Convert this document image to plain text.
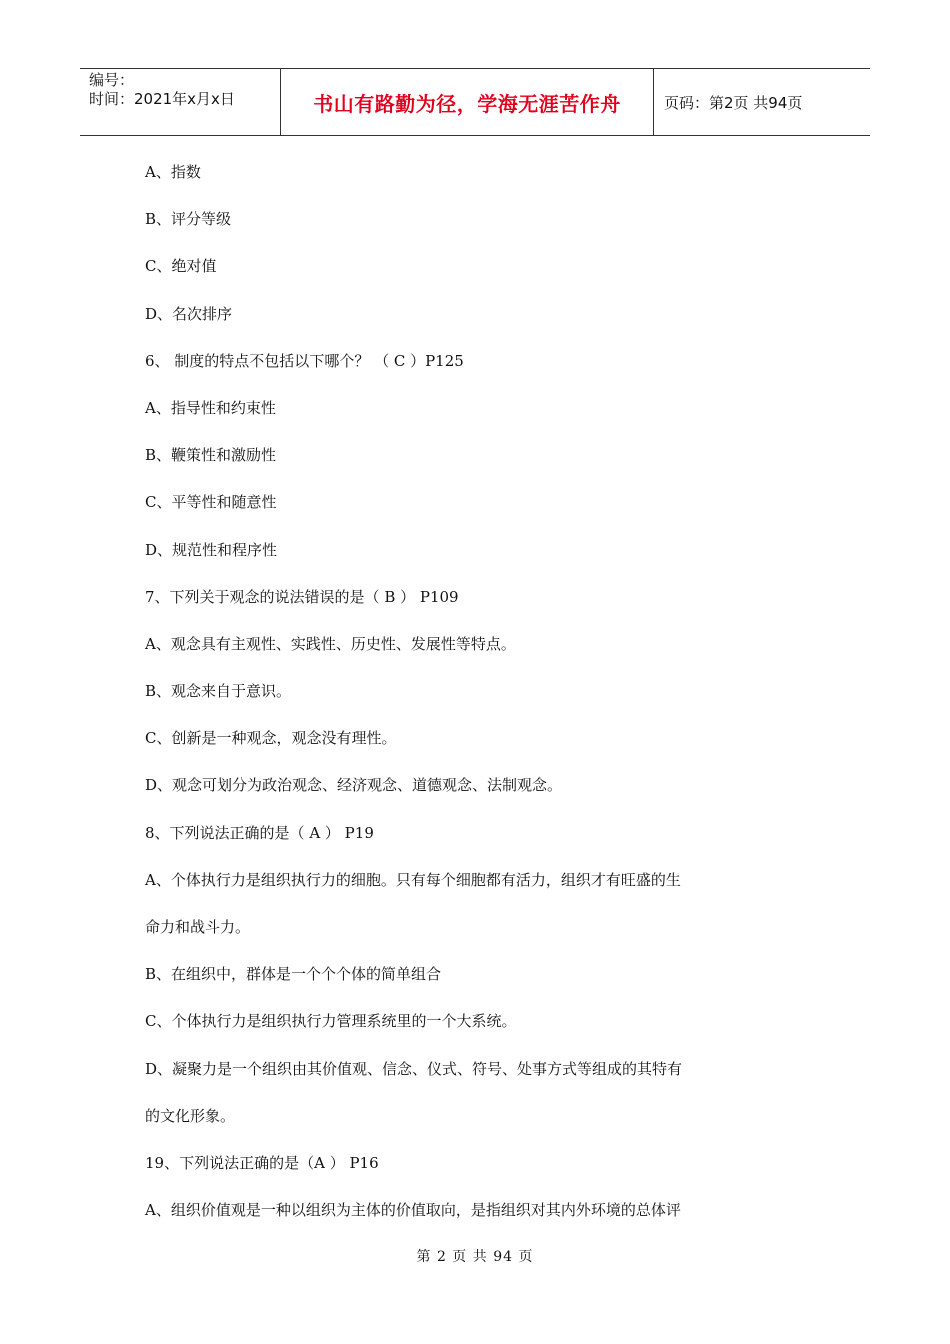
编号：
时间：2021年x月x日	书山有路勤为径，学海无涯苦作舟	页码：第2页 共94页
A、指数
B、评分等级
C、绝对值
D、名次排序
6、 制度的特点不包括以下哪个？ （ C ）P125
A、指导性和约束性
B、鞭策性和激励性
C、平等性和随意性
D、规范性和程序性
7、下列关于观念的说法错误的是（ B ） P109
A、观念具有主观性、实践性、历史性、发展性等特点。
B、观念来自于意识。
C、创新是一种观念，观念没有理性。
D、观念可划分为政治观念、经济观念、道德观念、法制观念。
8、下列说法正确的是（ A ） P19
A、个体执行力是组织执行力的细胞。只有每个细胞都有活力，组织才有旺盛的生
命力和战斗力。
B、在组织中，群体是一个个个体的简单组合
C、个体执行力是组织执行力管理系统里的一个大系统。
D、凝聚力是一个组织由其价值观、信念、仪式、符号、处事方式等组成的其特有
的文化形象。
19、下列说法正确的是（A ） P16
A、组织价值观是一种以组织为主体的价值取向，是指组织对其内外环境的总体评
第 2 页 共 94 页
